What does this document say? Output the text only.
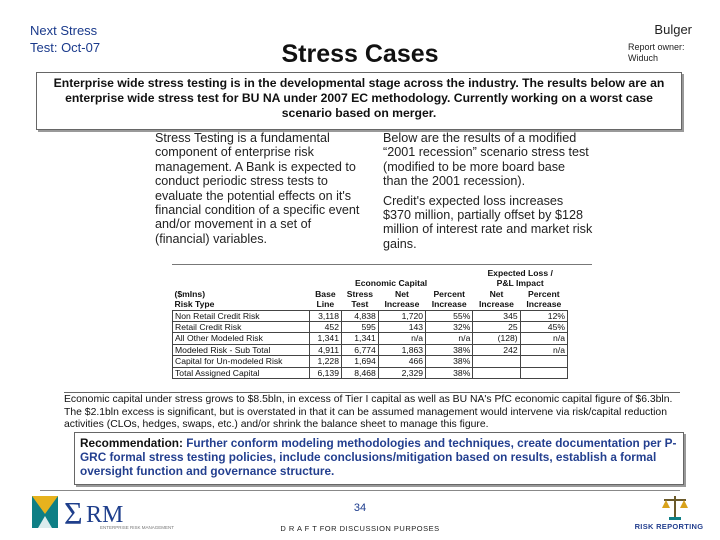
Next Stress
Test: Oct-07
Bulger
Report owner:
Widuch
Stress Cases
Enterprise wide stress testing is in the developmental stage across the industry. The results below are an enterprise wide stress test for BU NA under 2007 EC methodology. Currently working on a worst case scenario based on merger.
Stress Testing is a fundamental component of enterprise risk management. A Bank is expected to conduct periodic stress tests to evaluate the potential effects on it's financial condition of a specific event and/or movement in a set of (financial) variables.

Below are the results of a modified “2001 recession” scenario stress test (modified to be more board base than the 2001 recession).

Credit's expected loss increases $370 million, partially offset by $128 million of interest rate and market risk gains.

					Expected Loss /	
	Economic Capital				P&L Impact	
($mlns)	Base	Stress	Net	Percent	Net	Percent
Risk Type	Line	Test	Increase	Increase	Increase	Increase
Non Retail Credit Risk	3,118	4,838	1,720	55%	345	12%
Retail Credit Risk	452	595	143	32%	25	45%
All Other Modeled Risk	1,341	1,341	n/a	n/a	(128)	n/a
Modeled Risk - Sub Total	4,911	6,774	1,863	38%	242	n/a
Capital for Un-modeled Risk	1,228	1,694	466	38%		
Total Assigned Capital	6,139	8,468	2,329	38%		
Economic capital under stress grows to $8.5bln, in excess of Tier I capital as well as BU NA's PfC economic capital figure of $6.3bln. The $2.1bln excess is significant, but is overstated in that it can be assumed management would intervene via risk/capital reduction activities (CLOs, hedges, swaps, etc.) and/or shrink the balance sheet to manage this figure.
Recommendation: Further conform modeling methodologies and techniques, create documentation per P-GRC formal stress testing policies, include conclusions/mitigation based on results, establish a formal oversight function and governance structure.
Σ RM
ENTERPRISE RISK MANAGEMENT
34
D R A F T FOR DISCUSSION PURPOSES	RISK REPORTING
